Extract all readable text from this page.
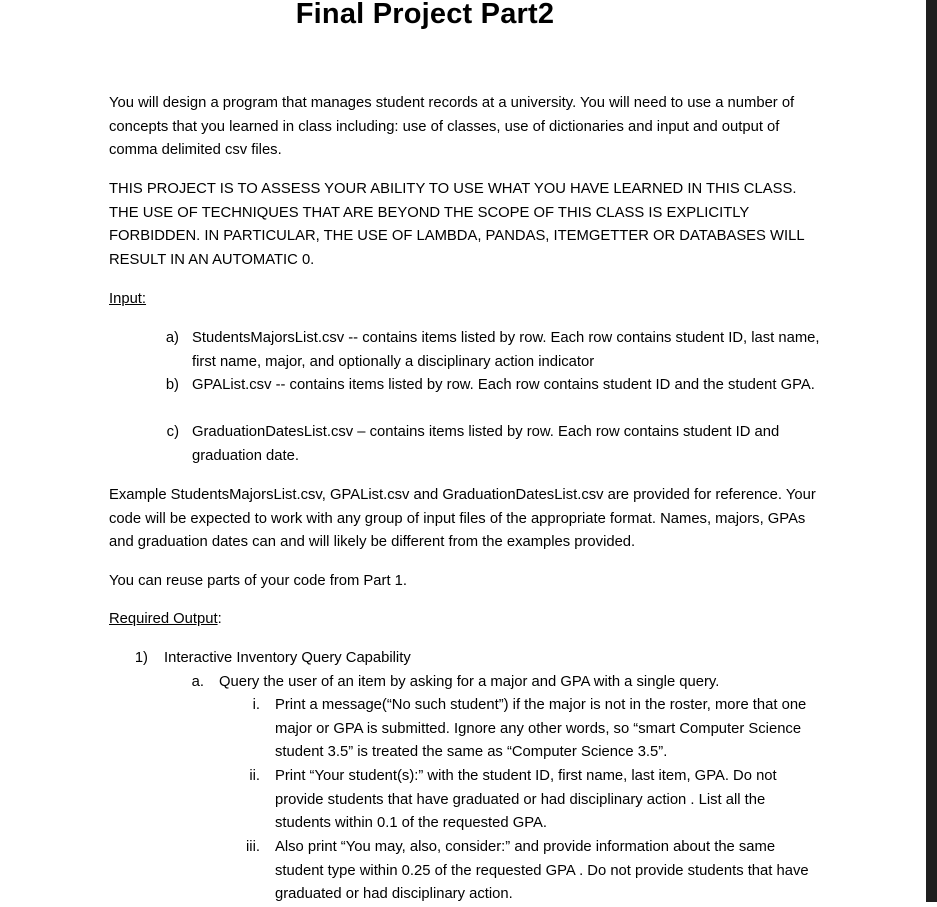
Final Project Part2

You will design a program that manages student records at a university. You will need to use a number of concepts that you learned in class including: use of classes, use of dictionaries and input and output of comma delimited csv files.

THIS PROJECT IS TO ASSESS YOUR ABILITY TO USE WHAT YOU HAVE LEARNED IN THIS CLASS. THE USE OF TECHNIQUES THAT ARE BEYOND THE SCOPE OF THIS CLASS IS EXPLICITLY FORBIDDEN. IN PARTICULAR, THE USE OF LAMBDA, PANDAS, ITEMGETTER OR DATABASES WILL RESULT IN AN AUTOMATIC 0.

Input:

a) StudentsMajorsList.csv -- contains items listed by row. Each row contains student ID, last name, first name, major, and optionally a disciplinary action indicator
b) GPAList.csv -- contains items listed by row. Each row contains student ID and the student GPA.
c) GraduationDatesList.csv – contains items listed by row. Each row contains student ID and graduation date.

Example StudentsMajorsList.csv, GPAList.csv and GraduationDatesList.csv are provided for reference. Your code will be expected to work with any group of input files of the appropriate format. Names, majors, GPAs and graduation dates can and will likely be different from the examples provided.

You can reuse parts of your code from Part 1.

Required Output:

1) Interactive Inventory Query Capability
a. Query the user of an item by asking for a major and GPA with a single query.
i. Print a message(“No such student”) if the major is not in the roster, more that one major or GPA is submitted. Ignore any other words, so “smart Computer Science student 3.5” is treated the same as “Computer Science 3.5”.
ii. Print “Your student(s):” with the student ID, first name, last item, GPA. Do not provide students that have graduated or had disciplinary action . List all the students within 0.1 of the requested GPA.
iii. Also print “You may, also, consider:” and provide information about the same student type within 0.25 of the requested GPA . Do not provide students that have graduated or had disciplinary action.
